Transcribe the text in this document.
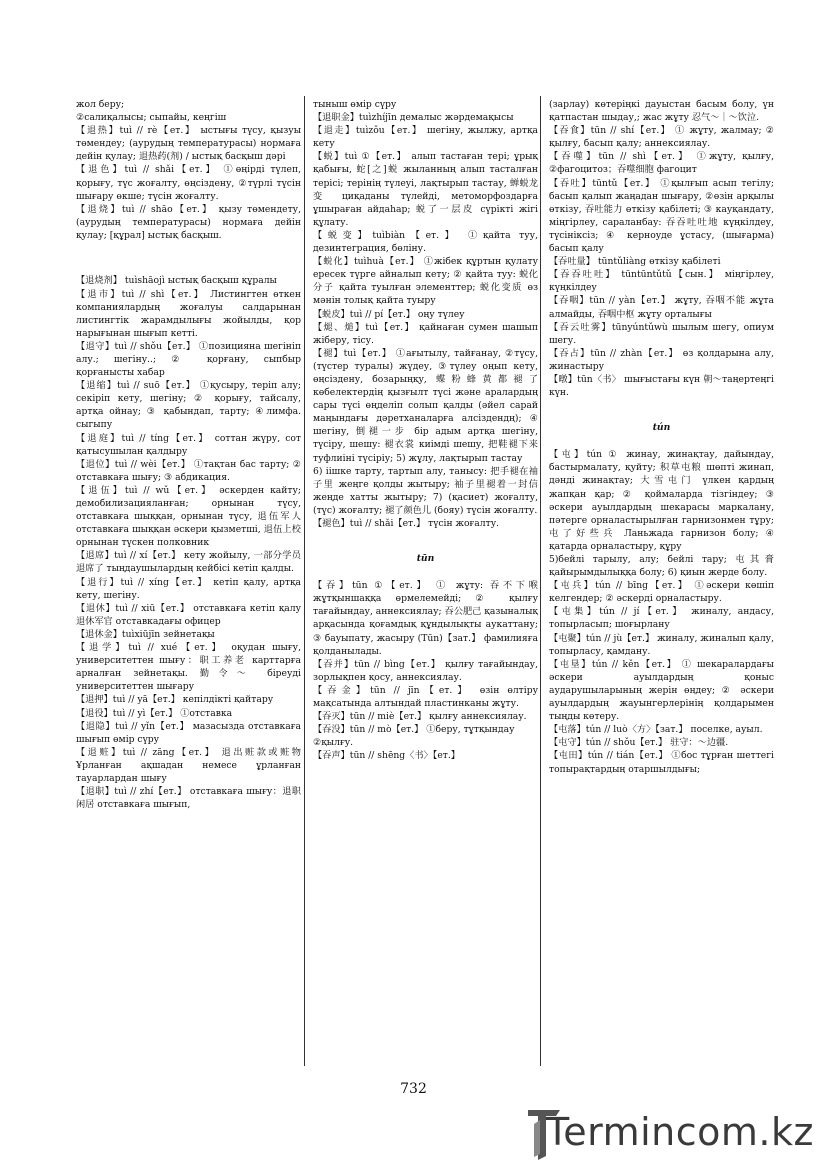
жол беру;

②салиқалысы; сыпайы, кеңгіш

【退热】tuì // rè【ет.】 ыстығы түсу, қызуы төмендеу; (аурудың температурасы) нормаға дейін қулау; 退热药(剂) / ыстық басқыш дәрі

【退色】tuì // shǎi【ет.】 ①өңірді түлеп, қорығу, түс жоғалту, өңсіздену, ②түрлі түсін шығару өкше; түсін жоғалту.

【退烧】tuì // shāo【ет.】 қызу төмендету, (аурудың температурасы) нормаға дейін қулау; [құрал] ыстық басқыш.

【退烧剂】 tuìshāojì ыстық басқыш құралы

【退市】tuì // shì【ет.】 Листингтен өткен компаниялардың жоғалуы салдарынан листингтік жарамдылығы жойылды, қор нарығынан шығып кетті.

【退守】tuì // shǒu【ет.】 ①позицияна шегініп алу.; шегіну..; ② қорғану, сыпбыр қорғанысты хабар

【退缩】tuì // suō【ет.】 ①қусыру, теріп алу; секіріп кету, шегіну; ② қорығу, тайсалу, артқа ойнау; ③ қабындап, тарту; ④лимфа. сыгыпу

【退庭】tuì // tíng【ет.】 соттан жүру, сот қатысушылан қалдыру

【退位】tuì // wèi【ет.】 ①тақтан бас тарту; ② отставкаға шығу; ③ абдикация.

【退伍】tuì // wǔ【ет.】 әскерден кайту; демобилизацияланған; орнынан түсу, отставкаға шыққан, орнынан түсу, 退伍军人 отставкаға шыққан әскери қызметші, 退伍上校 орнынан түскен полковник

【退席】tuì // xí【ет.】 кету жойылу, 一部分学员退席了 тыңдаушылардың кейбісі кетіп қалды.

【退行】tuì // xíng【ет.】 кетіп қалу, артқа кету, шегіну.

【退休】tuì // xiū【ет.】 отставкаға кетіп қалу 退休军官 отставкадағы офицер

【退休金】tuìxiūjīn зейнетақы

【退学】tuì // xué【ет.】 оқудан шығу, университеттен шығу：职工养老 карттарға арналған зейнетақы. 勤令～ біреуді университеттен шығару

【退押】tuì // yā【ет.】 кепілдікті қайтару

【退役】tuì // yì【ет.】 ①отставка

【退隐】tuì // yǐn【ет.】 мазасызда отставкаға шығып өмір сүру

【退赃】tuì // zāng【ет.】 退出赃款或赃物 Ұрланған ақшадан немесе ұрланған тауарлардан шығу

【退职】tuì // zhí【ет.】 отставкаға шығу：退职闲居 отставкаға шығып,

тыныш өмір сүру

【退职金】tuìzhíjīn демалыс жәрдемақысы

【退走】tuìzǒu【ет.】 шегіну, жылжу, артқа кету

【蜕】tuì ①【ет.】 алып тастаған тері; ұрық қабығы, 蛇[之]蜕 жыланның алып тасталған терісі; терінің түлеуі, лақтырып тастау, 蝉蜕龙变 циқаданы түлейді, метоморфоздарға ұшыраған айдаһар; 蜕了一层皮 сүрікті жігі құлату.

【蜕变】tuìbiàn【ет.】 ①қайта туу, дезинтеграция, бөліну.

【蜕化】tuìhuà【ет.】 ①жібек құртын қулату ересек түрге айналып кету; ② қайта туу: 蜕化分子 қайта туылған элементтер; 蜕化变质 өз мәнін толық қайта туыру

【蜕皮】tuì // pí【ет.】 оңу түлеу

【煺、㷟】tuì【ет.】 қайнаған сумен шашып жіберу, тісу.

【褪】tuì【ет.】 ①ағытылу, тайғанау, ②түсу, (түстер туралы) жүдеу, ③түлеу оңып кету, өңсіздену, бозарыңқу, 蝶粉蜂黄都褪了 көбелектердің қызғылт түсі және аралардың сары түсі өңделіп солып қалды (әйел сарай маңындағы дәретханаларға алсіздендң); ④ шегіну, 倒褪一步 бір адым артқа шегіну, түсіру, шешу: 褪衣裳 киімді шешу, 把鞋褪下来 туфлиіні түсіріу; 5) жұлу, лақтырып тастау

6) іішке тарту, тартып алу, танысу: 把手褪在袖子里 жеңге қолды жытыру; 袖子里褪着一封信 жеңде хатты жытыру; 7) (қасиет) жоғалту, (түс) жоғалту; 褪了颜色儿 (бояу) түсін жоғалту.

【褪色】tuì // shǎi【ет.】 түсін жоғалту.

tūn

【吞】tūn ①【ет.】 ① жұту: 吞不下喉 жұтқыншаққа өрмелемейді; ② қылғу тағайындау, аннексиялау; 吞公肥己 қазыналық арқасында қоғамдық құндылықты аукаттану; ③ бауыпату, жасыру (Tūn)【зат.】 фамилияға қолданылады.

【吞并】tūn // bìng【ет.】 қылғу тағайындау, зорлықпен қосу, аннексиялау.

【吞金】tūn // jīn【ет.】 өзін өлтіру мақсатында алтындай пластинканы жұту.

【吞灭】tūn // miè【ет.】 қылғу аннексиялау.

【吞没】tūn // mò【ет.】 ①беру, тұтқындау

②қылғу.

【吞声】tūn // shēng〈书〉【ет.】

(зарлау) көтеріңкі дауыстан басым болу, үн қатпастан шыдау,; жас жұту 忍气～｜～饮泣.

【吞食】tūn // shí【ет.】 ① жұту, жалмау; ② қылғу, басып қалу; аннексиялау.

【吞噬】tūn // shì【ет.】 ①жұту, қылғу, ②фагоцитоз；吞噬细胞 фагоцит

【吞吐】tūntǔ【ет.】 ①қылғып асып тегілу; басып қалып жаңадан шығару, ②өзін арқылы өткізу, 吞吐能力 өткізу қабілеті; ③ кауқандату, міңгірлеу, сараланбау: 吞吞吐吐地 күңкілдеу, түсініксіз; ④ керноуде ұстасу, (шығарма) басып қалу

【吞吐量】 tūntǔliàng өткізу қабілеті

【吞吞吐吐】 tūntūntǔtǔ【сын.】 міңгірлеу, күңкілдеу

【吞咽】tūn // yàn【ет.】 жұту, 吞咽不能 жұта алмайды, 吞咽中枢 жұту орталығы

【吞云吐雾】tūnyúntǔwù шылым шегу, опиум шегу.

【吞占】tūn // zhàn【ет.】 өз қолдарына алу, жинастыру

【暾】tūn〈书〉 шығыстағы күн 朝～таңертеңгі күн.

tún

【屯】tún ① жинау, жинақтау, дайындау, бастырмалату, қуйту; 积草屯粮 шөпті жинап, дәнді жинақтау; 大雪屯门 үлкен қардың жапқан қар; ② қоймаларда тізгіндеу; ③ әскери ауылдардың шекарасы маркалану, пәтерге орналастырылған гарнизонмен тұру; 屯了好些兵 Ланьжада гарнизон болу; ④ қатарда орналастыру, құру

5)бейлі тарылу, алу; бейлі тару; 屯其膏 қайырымдылыққа болу; 6) қиын жерде болу.

【屯兵】tún // bīng【ет.】 ①әскери көшіп келгендер; ② әскерді орналастыру.

【屯集】tún // jí【ет.】 жиналу, андасу, топырласып; шоғырлану

【屯聚】tún // jù【ет.】 жиналу, жиналып қалу, топырласу, қамдану.

【屯垦】tún // kěn【ет.】 ① шекаралардағы әскери ауылдардың қоныс аударушыларының жерін өңдеу; ② әскери ауылдардың жауынгерлерінің қолдарымен тыңды көтеру.

【屯落】tún // luò〈方〉【зат.】 поселке, ауыл.

【屯守】tún // shǒu【ет.】 驻守：～边疆.

【屯田】tún // tián【ет.】 ①бос тұрған шеттегі топырақтардың отаршылдығы;

732
Termincom.kz
